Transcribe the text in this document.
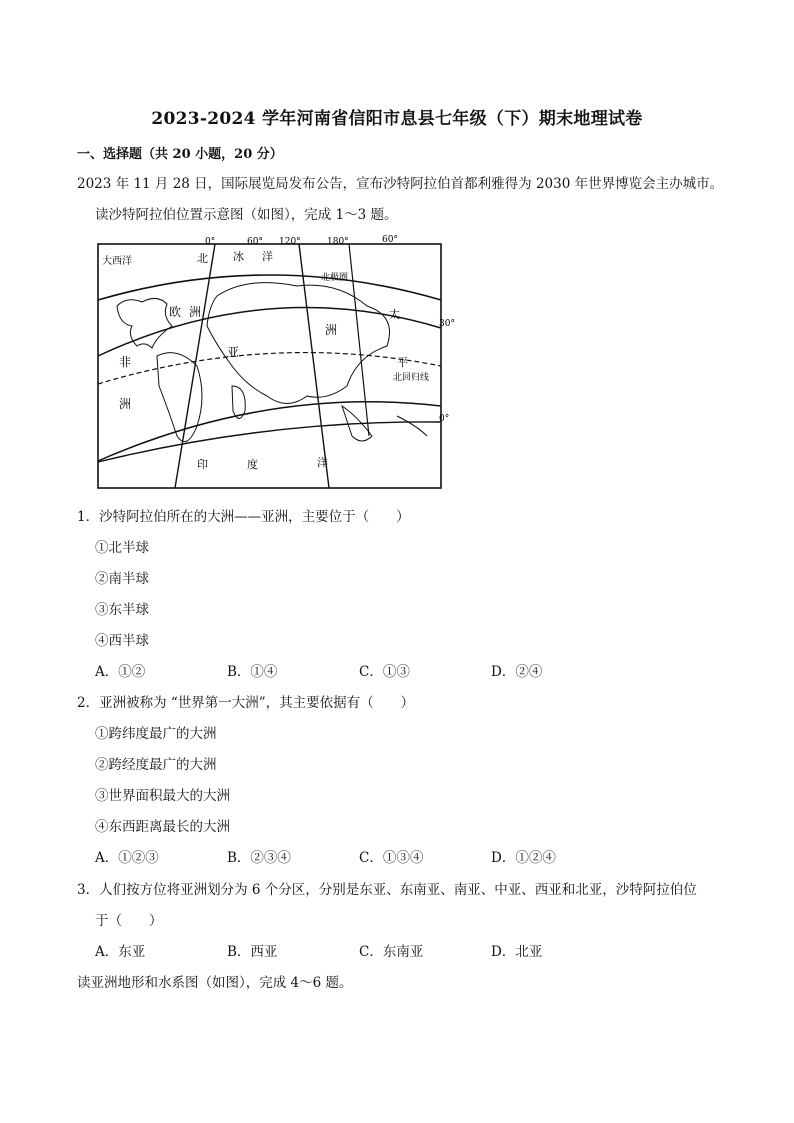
2023-2024 学年河南省信阳市息县七年级（下）期末地理试卷
一、选择题（共 20 小题，20 分）
2023 年 11 月 28 日，国际展览局发布公告，宣布沙特阿拉伯首都利雅得为 2030 年世界博览会主办城市。
读沙特阿拉伯位置示意图（如图），完成 1～3 题。
0°	60° 120°	180°	60°
30°
0°
大西洋	北 冰 洋
印	度	洋
太
平
欧 洲
洲
亚
非
洲
北极圈
北回归线
1．沙特阿拉伯所在的大洲——亚洲，主要位于（　　）
①北半球
②南半球
③东半球
④西半球
A．①②	B．①④	C．①③	D．②④
2．亚洲被称为 “世界第一大洲”，其主要依据有（　　）
①跨纬度最广的大洲
②跨经度最广的大洲
③世界面积最大的大洲
④东西距离最长的大洲
A．①②③	B．②③④	C．①③④	D．①②④
3．人们按方位将亚洲划分为 6 个分区，分别是东亚、东南亚、南亚、中亚、西亚和北亚，沙特阿拉伯位
于（　　）
A．东亚	B．西亚	C．东南亚	D．北亚
读亚洲地形和水系图（如图），完成 4～6 题。
